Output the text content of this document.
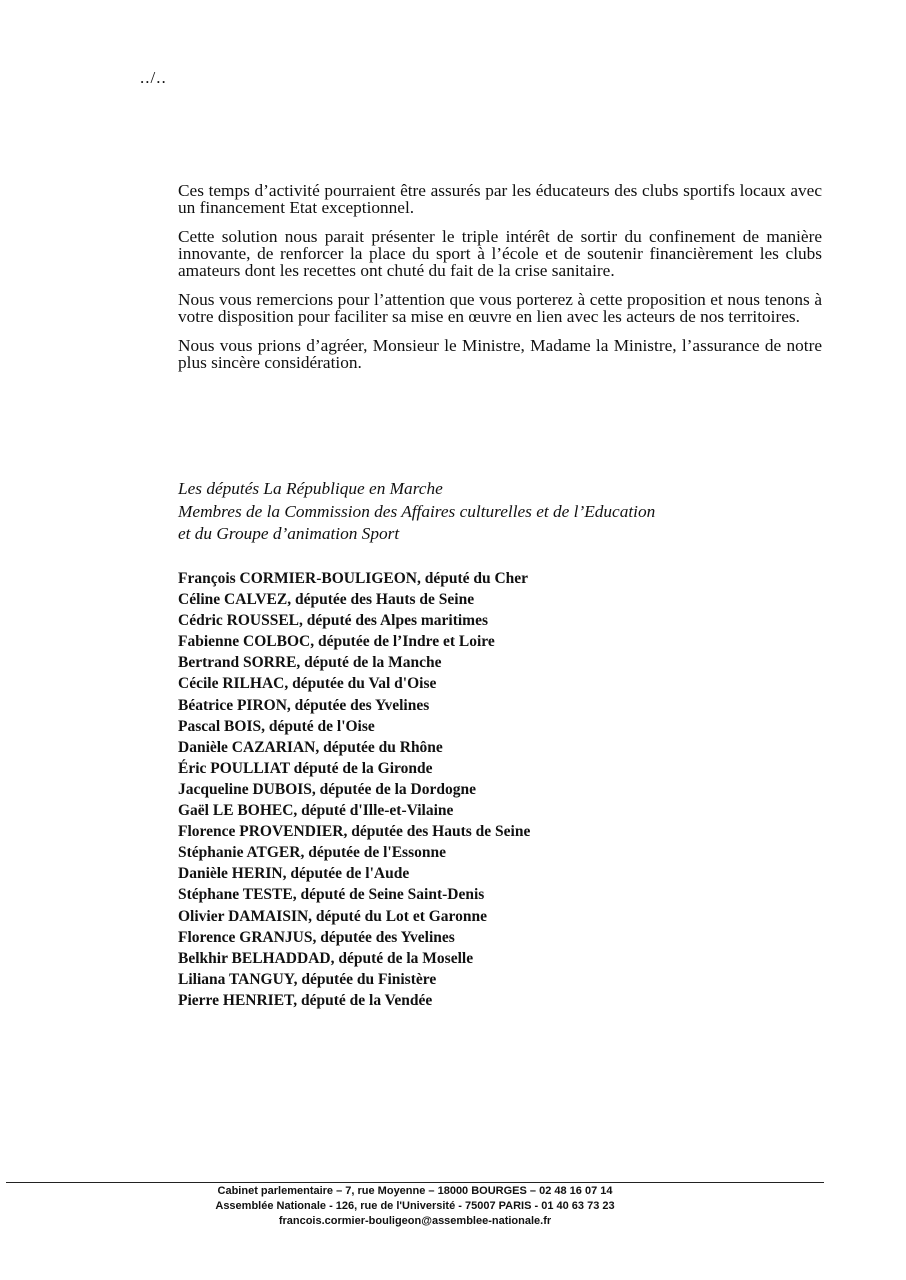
../..

Ces temps d’activité pourraient être assurés par les éducateurs des clubs sportifs locaux avec un financement Etat exceptionnel.

Cette solution nous parait présenter le triple intérêt de sortir du confinement de manière innovante, de renforcer la place du sport à l’école et de soutenir financièrement les clubs amateurs dont les recettes ont chuté du fait de la crise sanitaire.

Nous vous remercions pour l’attention que vous porterez à cette proposition et nous tenons à votre disposition pour faciliter sa mise en œuvre en lien avec les acteurs de nos territoires.

Nous vous prions d’agréer, Monsieur le Ministre, Madame la Ministre, l’assurance de notre plus sincère considération.

Les députés La République en Marche
Membres de la Commission des Affaires culturelles et de l’Education
et du Groupe d’animation Sport
François CORMIER-BOULIGEON, député du Cher
Céline CALVEZ, députée des Hauts de Seine
Cédric ROUSSEL, député des Alpes maritimes
Fabienne COLBOC, députée de l’Indre et Loire
Bertrand SORRE, député de la Manche
Cécile RILHAC, députée du Val d'Oise
Béatrice PIRON, députée des Yvelines
Pascal BOIS, député de l'Oise
Danièle CAZARIAN, députée du Rhône
Éric POULLIAT député de la Gironde
Jacqueline DUBOIS, députée de la Dordogne
Gaël LE BOHEC, député d'Ille-et-Vilaine
Florence PROVENDIER, députée des Hauts de Seine
Stéphanie ATGER, députée de l'Essonne
Danièle HERIN, députée de l'Aude
Stéphane TESTE, député de Seine Saint-Denis
Olivier DAMAISIN, député du Lot et Garonne
Florence GRANJUS, députée des Yvelines
Belkhir BELHADDAD, député de la Moselle
Liliana TANGUY, députée du Finistère
Pierre HENRIET, député de la Vendée
Cabinet parlementaire – 7, rue Moyenne – 18000 BOURGES – 02 48 16 07 14
Assemblée Nationale - 126, rue de l'Université - 75007 PARIS - 01 40 63 73 23
francois.cormier-bouligeon@assemblee-nationale.fr
